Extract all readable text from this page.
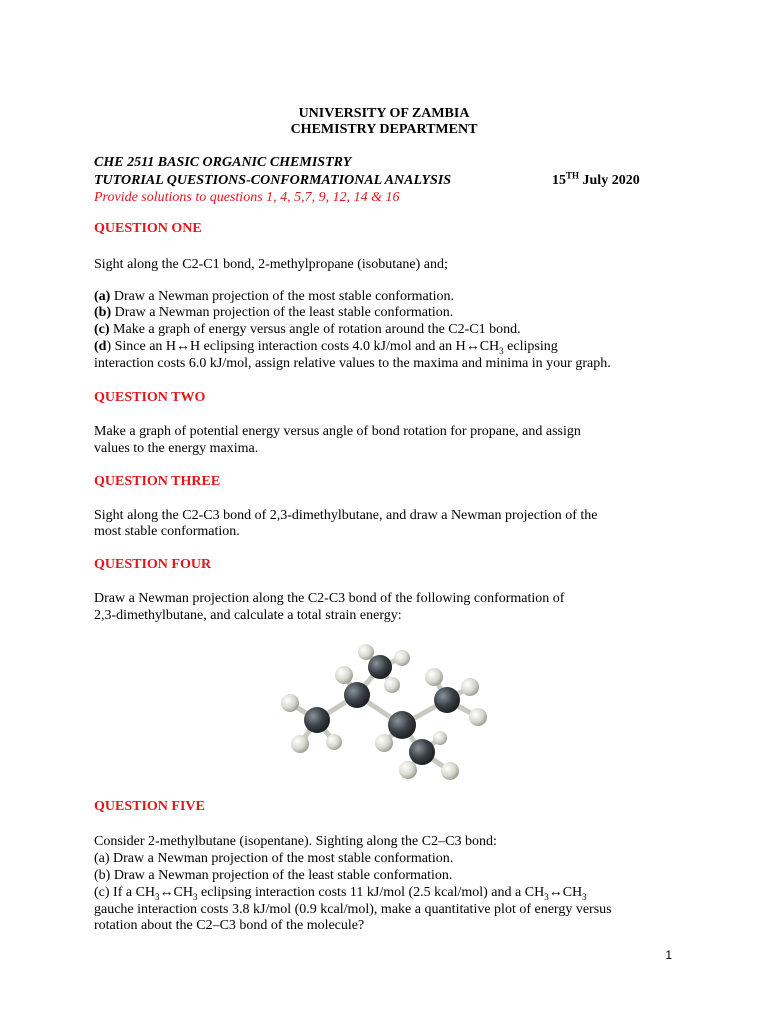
UNIVERSITY OF ZAMBIA
CHEMISTRY DEPARTMENT
CHE 2511 BASIC ORGANIC CHEMISTRY
TUTORIAL QUESTIONS-CONFORMATIONAL ANALYSIS	15TH July 2020
Provide solutions to questions 1, 4, 5,7, 9, 12, 14 & 16
QUESTION ONE
Sight along the C2-C1 bond, 2-methylpropane (isobutane) and;
(a) Draw a Newman projection of the most stable conformation.
(b) Draw a Newman projection of the least stable conformation.
(c) Make a graph of energy versus angle of rotation around the C2-C1 bond.
(d) Since an H↔H eclipsing interaction costs 4.0 kJ/mol and an $H\leftrightarrow CH_3$ eclipsing
interaction costs 6.0 kJ/mol, assign relative values to the maxima and minima in your graph.
QUESTION TWO
Make a graph of potential energy versus angle of bond rotation for propane, and assign
values to the energy maxima.
QUESTION THREE
Sight along the C2-C3 bond of 2,3-dimethylbutane, and draw a Newman projection of the
most stable conformation.
QUESTION FOUR
Draw a Newman projection along the C2-C3 bond of the following conformation of
2,3-dimethylbutane, and calculate a total strain energy:
QUESTION FIVE
Consider 2-methylbutane (isopentane). Sighting along the C2–C3 bond:
(a) Draw a Newman projection of the most stable conformation.
(b) Draw a Newman projection of the least stable conformation.
(c) If a $CH_3\leftrightarrow CH_3$ eclipsing interaction costs 11 kJ/mol (2.5 kcal/mol) and a $CH_3\leftrightarrow CH_3$
gauche interaction costs 3.8 kJ/mol (0.9 kcal/mol), make a quantitative plot of energy versus
rotation about the C2–C3 bond of the molecule?
1
